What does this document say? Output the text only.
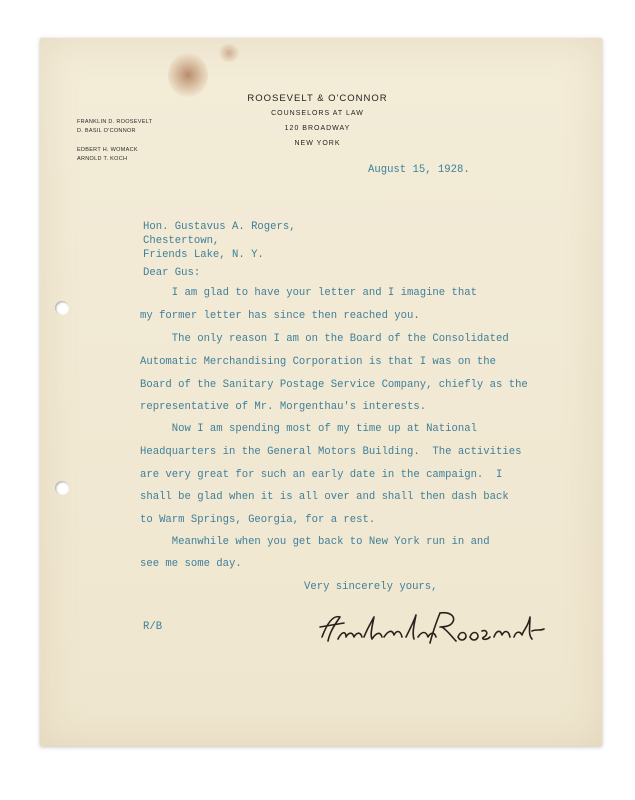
ROOSEVELT & O'CONNOR
COUNSELORS AT LAW
120 BROADWAY
NEW YORK
FRANKLIN D. ROOSEVELT
D. BASIL O'CONNOR
EDBERT H. WOMACK
ARNOLD T. KOCH
August 15, 1928.
Hon. Gustavus A. Rogers,
Chestertown,
Friends Lake, N. Y.
Dear Gus:
I am glad to have your letter and I imagine that
my former letter has since then reached you.
The only reason I am on the Board of the Consolidated
Automatic Merchandising Corporation is that I was on the
Board of the Sanitary Postage Service Company, chiefly as the
representative of Mr. Morgenthau's interests.
Now I am spending most of my time up at National
Headquarters in the General Motors Building.  The activities
are very great for such an early date in the campaign.  I
shall be glad when it is all over and shall then dash back
to Warm Springs, Georgia, for a rest.
Meanwhile when you get back to New York run in and
see me some day.
Very sincerely yours,
R/B
